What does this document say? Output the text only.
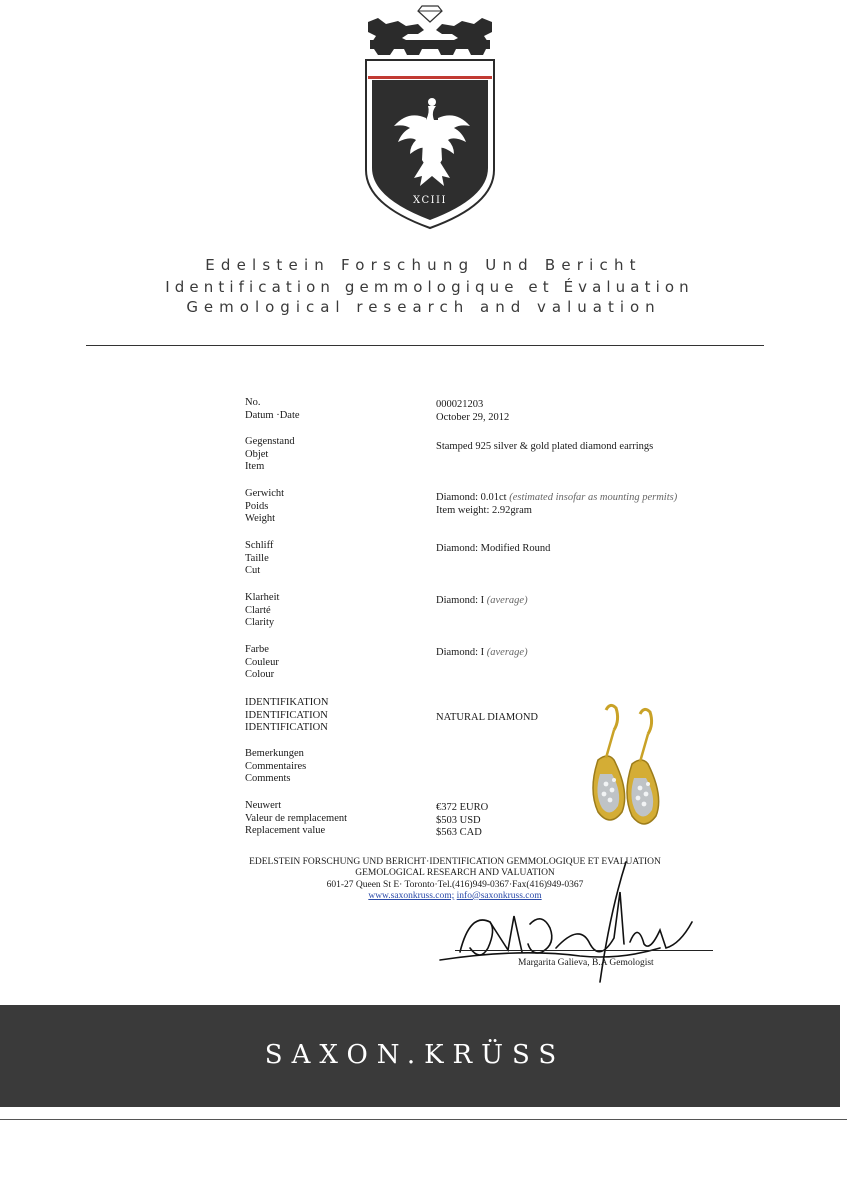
XCIII
Edelstein Forschung Und Bericht
Identification gemmologique et Évaluation
Gemological research and valuation
No.
Datum ·Date
000021203
October 29, 2012
Gegenstand
Objet
Item
Stamped 925 silver & gold plated diamond earrings
Gerwicht
Poids
Weight
Diamond: 0.01ct (estimated insofar as mounting permits)
Item weight: 2.92gram
Schliff
Taille
Cut
Diamond: Modified Round
Klarheit
Clarté
Clarity
Diamond: I (average)
Farbe
Couleur
Colour
Diamond: I (average)
IDENTIFIKATION
IDENTIFICATION
IDENTIFICATION
NATURAL DIAMOND
Bemerkungen
Commentaires
Comments
Neuwert
Valeur de remplacement
Replacement value
€372 EURO
$503 USD
$563 CAD
EDELSTEIN FORSCHUNG UND BERICHT·IDENTIFICATION GEMMOLOGIQUE ET EVALUATION
GEMOLOGICAL RESEARCH AND VALUATION
601-27 Queen St E· Toronto·Tel.(416)949-0367·Fax(416)949-0367
www.saxonkruss.com; info@saxonkruss.com
Margarita Galieva, B.A Gemologist
SAXON.KRÜSS
